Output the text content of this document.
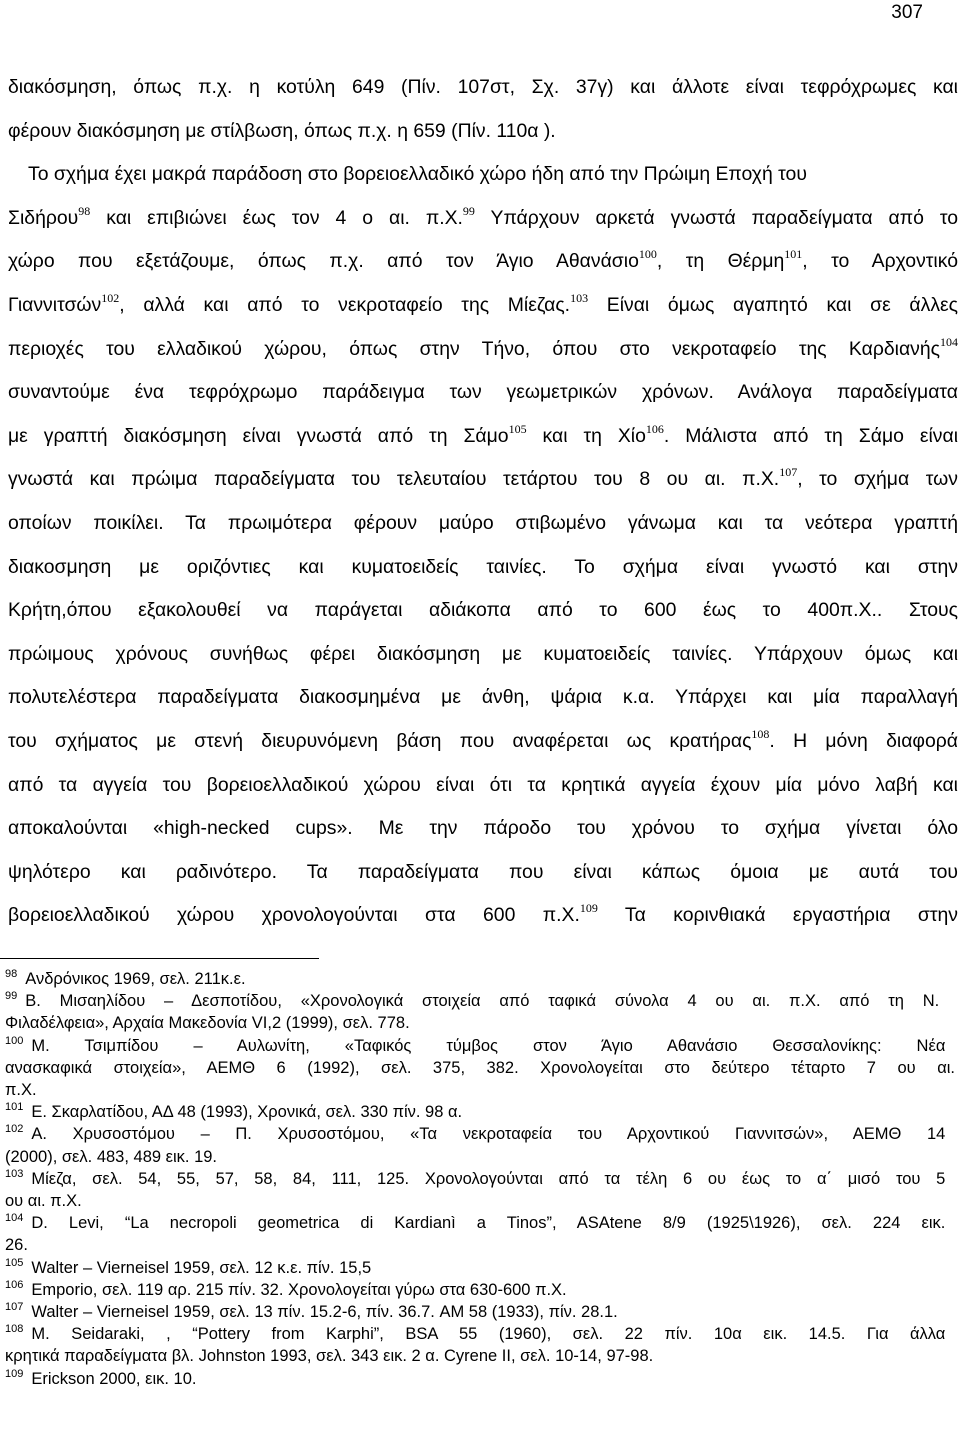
307
διακόσμηση, όπως π.χ. η κοτύλη 649 (Πίν. 107στ, Σχ. 37γ) και άλλοτε είναι τεφρόχρωμες και
φέρουν διακόσμηση με στίλβωση, όπως π.χ. η 659 (Πίν. 110α ).
Το σχήμα έχει μακρά παράδοση στο βορειοελλαδικό χώρο ήδη από την Πρώιμη Εποχή του
Σιδήρου$^{98}$ και επιβιώνει έως τον 4 ο αι. π.Χ.$^{99}$ Υπάρχουν αρκετά γνωστά παραδείγματα από το
χώρο που εξετάζουμε, όπως π.χ. από τον Άγιο Αθανάσιο$^{100}$, τη Θέρμη$^{101}$, το Αρχοντικό
Γιαννιτσών$^{102}$, αλλά και από το νεκροταφείο της Μίεζας.$^{103}$ Είναι όμως αγαπητό και σε άλλες
περιοχές του ελλαδικού χώρου, όπως στην Τήνο, όπου στο νεκροταφείο της Καρδιανής$^{104}$
συναντούμε ένα τεφρόχρωμο παράδειγμα των γεωμετρικών χρόνων. Ανάλογα παραδείγματα
με γραπτή διακόσμηση είναι γνωστά από τη Σάμο$^{105}$ και τη Χίο$^{106}$. Μάλιστα από τη Σάμο είναι
γνωστά και πρώιμα παραδείγματα του τελευταίου τετάρτου του 8 ου αι. π.Χ.$^{107}$, το σχήμα των
οποίων ποικίλει. Τα πρωιμότερα φέρουν μαύρο στιβωμένο γάνωμα και τα νεότερα γραπτή
διακοσμηση με οριζόντιες και κυματοειδείς ταινίες. Το σχήμα είναι γνωστό και στην
Κρήτη,όπου εξακολουθεί να παράγεται αδιάκοπα από το 600 έως το 400π.Χ.. Στους
πρώιμους χρόνους συνήθως φέρει διακόσμηση με κυματοειδείς ταινίες. Υπάρχουν όμως και
πολυτελέστερα παραδείγματα διακοσμημένα με άνθη, ψάρια κ.α. Υπάρχει και μία παραλλαγή
του σχήματος με στενή διευρυνόμενη βάση που αναφέρεται ως κρατήρας$^{108}$. Η μόνη διαφορά
από τα αγγεία του βορειοελλαδικού χώρου είναι ότι τα κρητικά αγγεία έχουν μία μόνο λαβή και
αποκαλούνται «high-necked cups». Με την πάροδο του χρόνου το σχήμα γίνεται όλο
ψηλότερο και ραδινότερο. Τα παραδείγματα που είναι κάπως όμοια με αυτά του
βορειοελλαδικού χώρου χρονολογούνται στα 600 π.Χ.$^{109}$ Τα κορινθιακά εργαστήρια στην
$^{98}$ Ανδρόνικος 1969, σελ. 211κ.ε.
$^{99}$ Β. Μισαηλίδου – Δεσποτίδου, «Χρονολογικά στοιχεία από ταφικά σύνολα 4 ου αι. π.Χ. από τη Ν.
Φιλαδέλφεια», Αρχαία Μακεδονία VI,2 (1999), σελ. 778.
$^{100}$ Μ. Τσιμπίδου – Αυλωνίτη, «Ταφικός τύμβος στον Άγιο Αθανάσιο Θεσσαλονίκης: Νέα
ανασκαφικά στοιχεία», ΑΕΜΘ 6 (1992), σελ. 375, 382. Χρονολογείται στο δεύτερο τέταρτο 7 ου αι.
π.Χ.
$^{101}$ Ε. Σκαρλατίδου, ΑΔ 48 (1993), Χρονικά, σελ. 330 πίν. 98 α.
$^{102}$ Α. Χρυσοστόμου – Π. Χρυσοστόμου, «Τα νεκροταφεία του Αρχοντικού Γιαννιτσών», ΑΕΜΘ 14
(2000), σελ. 483, 489 εικ. 19.
$^{103}$ Μίεζα, σελ. 54, 55, 57, 58, 84, 111, 125. Χρονολογούνται από τα τέλη 6 ου έως το α΄ μισό του 5
ου αι. π.Χ.
$^{104}$ D. Levi, “La necropoli geometrica di Kardianì a Tinos”, ASAtene 8/9 (1925\1926), σελ. 224 εικ.
26.
$^{105}$ Walter – Vierneisel 1959, σελ. 12 κ.ε. πίν. 15,5
$^{106}$ Emporio, σελ. 119 αρ. 215 πίν. 32. Χρονολογείται γύρω στα 630-600 π.Χ.
$^{107}$ Walter – Vierneisel 1959, σελ. 13 πίν. 15.2-6, πίν. 36.7. AM 58 (1933), πίν. 28.1.
$^{108}$ M. Seidaraki, , “Pottery from Karphi”, BSA 55 (1960), σελ. 22 πίν. 10α εικ. 14.5. Για άλλα
κρητικά παραδείγματα βλ. Johnston 1993, σελ. 343 εικ. 2 α. Cyrene II, σελ. 10-14, 97-98.
$^{109}$ Erickson 2000, εικ. 10.
